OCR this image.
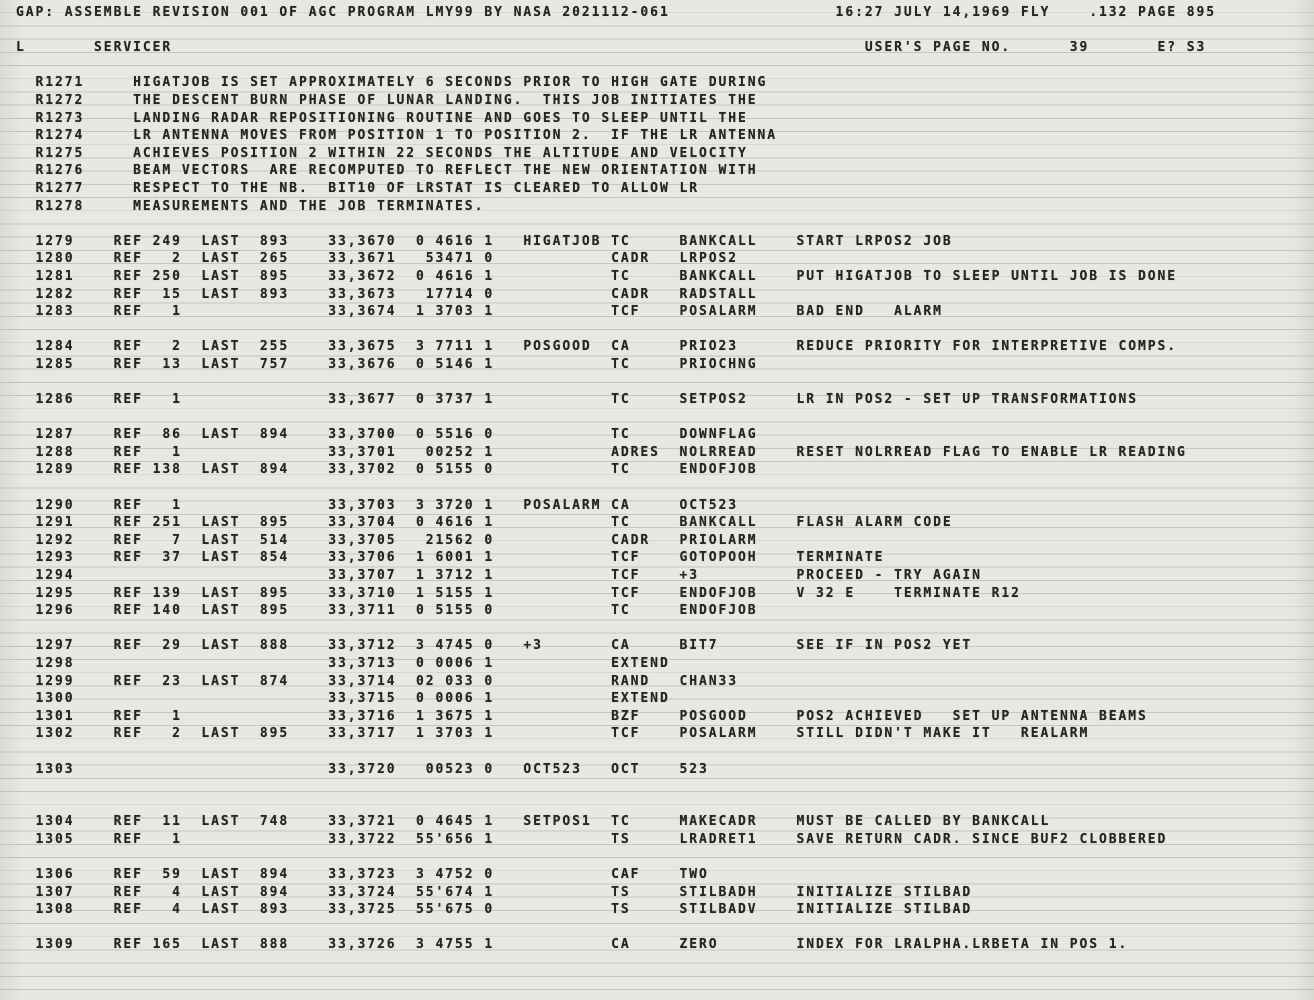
GAP: ASSEMBLE REVISION 001 OF AGC PROGRAM LMY99 BY NASA 2021112-061                 16:27 JULY 14,1969 FLY    .132 PAGE 895
L       SERVICER                                                                       USER'S PAGE NO.      39       E? S3
R1271     HIGATJOB IS SET APPROXIMATELY 6 SECONDS PRIOR TO HIGH GATE DURING
R1272     THE DESCENT BURN PHASE OF LUNAR LANDING.  THIS JOB INITIATES THE
R1273     LANDING RADAR REPOSITIONING ROUTINE AND GOES TO SLEEP UNTIL THE
R1274     LR ANTENNA MOVES FROM POSITION 1 TO POSITION 2.  IF THE LR ANTENNA
R1275     ACHIEVES POSITION 2 WITHIN 22 SECONDS THE ALTITUDE AND VELOCITY
R1276     BEAM VECTORS  ARE RECOMPUTED TO REFLECT THE NEW ORIENTATION WITH
R1277     RESPECT TO THE NB.  BIT10 OF LRSTAT IS CLEARED TO ALLOW LR
R1278     MEASUREMENTS AND THE JOB TERMINATES.
1279    REF 249  LAST  893    33,3670  0 4616 1   HIGATJOB TC     BANKCALL    START LRPOS2 JOB
1280    REF   2  LAST  265    33,3671   53471 0            CADR   LRPOS2
1281    REF 250  LAST  895    33,3672  0 4616 1            TC     BANKCALL    PUT HIGATJOB TO SLEEP UNTIL JOB IS DONE
1282    REF  15  LAST  893    33,3673   17714 0            CADR   RADSTALL
1283    REF   1               33,3674  1 3703 1            TCF    POSALARM    BAD END   ALARM
1284    REF   2  LAST  255    33,3675  3 7711 1   POSGOOD  CA     PRIO23      REDUCE PRIORITY FOR INTERPRETIVE COMPS.
1285    REF  13  LAST  757    33,3676  0 5146 1            TC     PRIOCHNG
1286    REF   1               33,3677  0 3737 1            TC     SETPOS2     LR IN POS2 - SET UP TRANSFORMATIONS
1287    REF  86  LAST  894    33,3700  0 5516 0            TC     DOWNFLAG
1288    REF   1               33,3701   00252 1            ADRES  NOLRREAD    RESET NOLRREAD FLAG TO ENABLE LR READING
1289    REF 138  LAST  894    33,3702  0 5155 0            TC     ENDOFJOB
1290    REF   1               33,3703  3 3720 1   POSALARM CA     OCT523
1291    REF 251  LAST  895    33,3704  0 4616 1            TC     BANKCALL    FLASH ALARM CODE
1292    REF   7  LAST  514    33,3705   21562 0            CADR   PRIOLARM
1293    REF  37  LAST  854    33,3706  1 6001 1            TCF    GOTOPOOH    TERMINATE
1294                          33,3707  1 3712 1            TCF    +3          PROCEED - TRY AGAIN
1295    REF 139  LAST  895    33,3710  1 5155 1            TCF    ENDOFJOB    V 32 E    TERMINATE R12
1296    REF 140  LAST  895    33,3711  0 5155 0            TC     ENDOFJOB
1297    REF  29  LAST  888    33,3712  3 4745 0   +3       CA     BIT7        SEE IF IN POS2 YET
1298                          33,3713  0 0006 1            EXTEND
1299    REF  23  LAST  874    33,3714  02 033 0            RAND   CHAN33
1300                          33,3715  0 0006 1            EXTEND
1301    REF   1               33,3716  1 3675 1            BZF    POSGOOD     POS2 ACHIEVED   SET UP ANTENNA BEAMS
1302    REF   2  LAST  895    33,3717  1 3703 1            TCF    POSALARM    STILL DIDN'T MAKE IT   REALARM
1303                          33,3720   00523 0   OCT523   OCT    523
1304    REF  11  LAST  748    33,3721  0 4645 1   SETPOS1  TC     MAKECADR    MUST BE CALLED BY BANKCALL
1305    REF   1               33,3722  55'656 1            TS     LRADRET1    SAVE RETURN CADR. SINCE BUF2 CLOBBERED
1306    REF  59  LAST  894    33,3723  3 4752 0            CAF    TWO
1307    REF   4  LAST  894    33,3724  55'674 1            TS     STILBADH    INITIALIZE STILBAD
1308    REF   4  LAST  893    33,3725  55'675 0            TS     STILBADV    INITIALIZE STILBAD
1309    REF 165  LAST  888    33,3726  3 4755 1            CA     ZERO        INDEX FOR LRALPHA.LRBETA IN POS 1.
